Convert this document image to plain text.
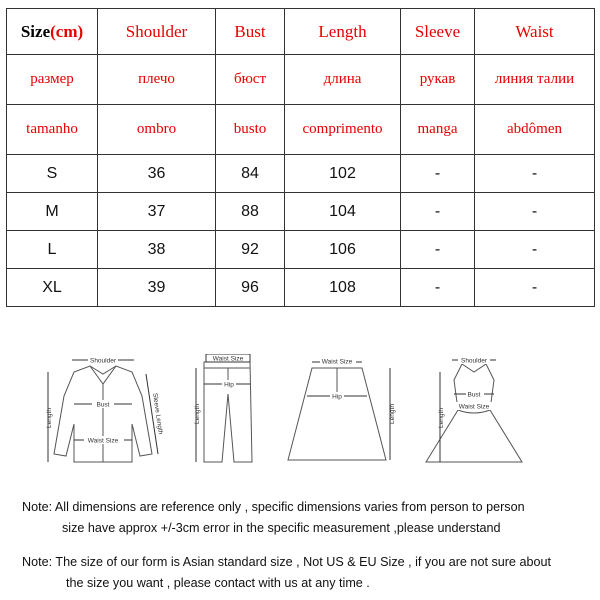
Size(cm)	Shoulder	Bust	Length	Sleeve	Waist
размер	плечо	бюст	длина	рукав	линия талии
tamanho	ombro	busto	comprimento	manga	abdômen
S	36	84	102	-	-
M	37	88	104	-	-
L	38	92	106	-	-
XL	39	96	108	-	-
Shoulder
Bust
Waist Size
Length	Sleeve Length
Waist Size
Hip
Length
Waist Size
Hip
Length
Shoulder
Bust
Waist Size
Length
Note: All dimensions are reference only , specific dimensions varies from person to person
size have approx +/-3cm error in the specific measurement ,please understand
Note: The size of our form is Asian standard size , Not US & EU Size , if you are not sure about
the size you want , please contact with us at any time .
